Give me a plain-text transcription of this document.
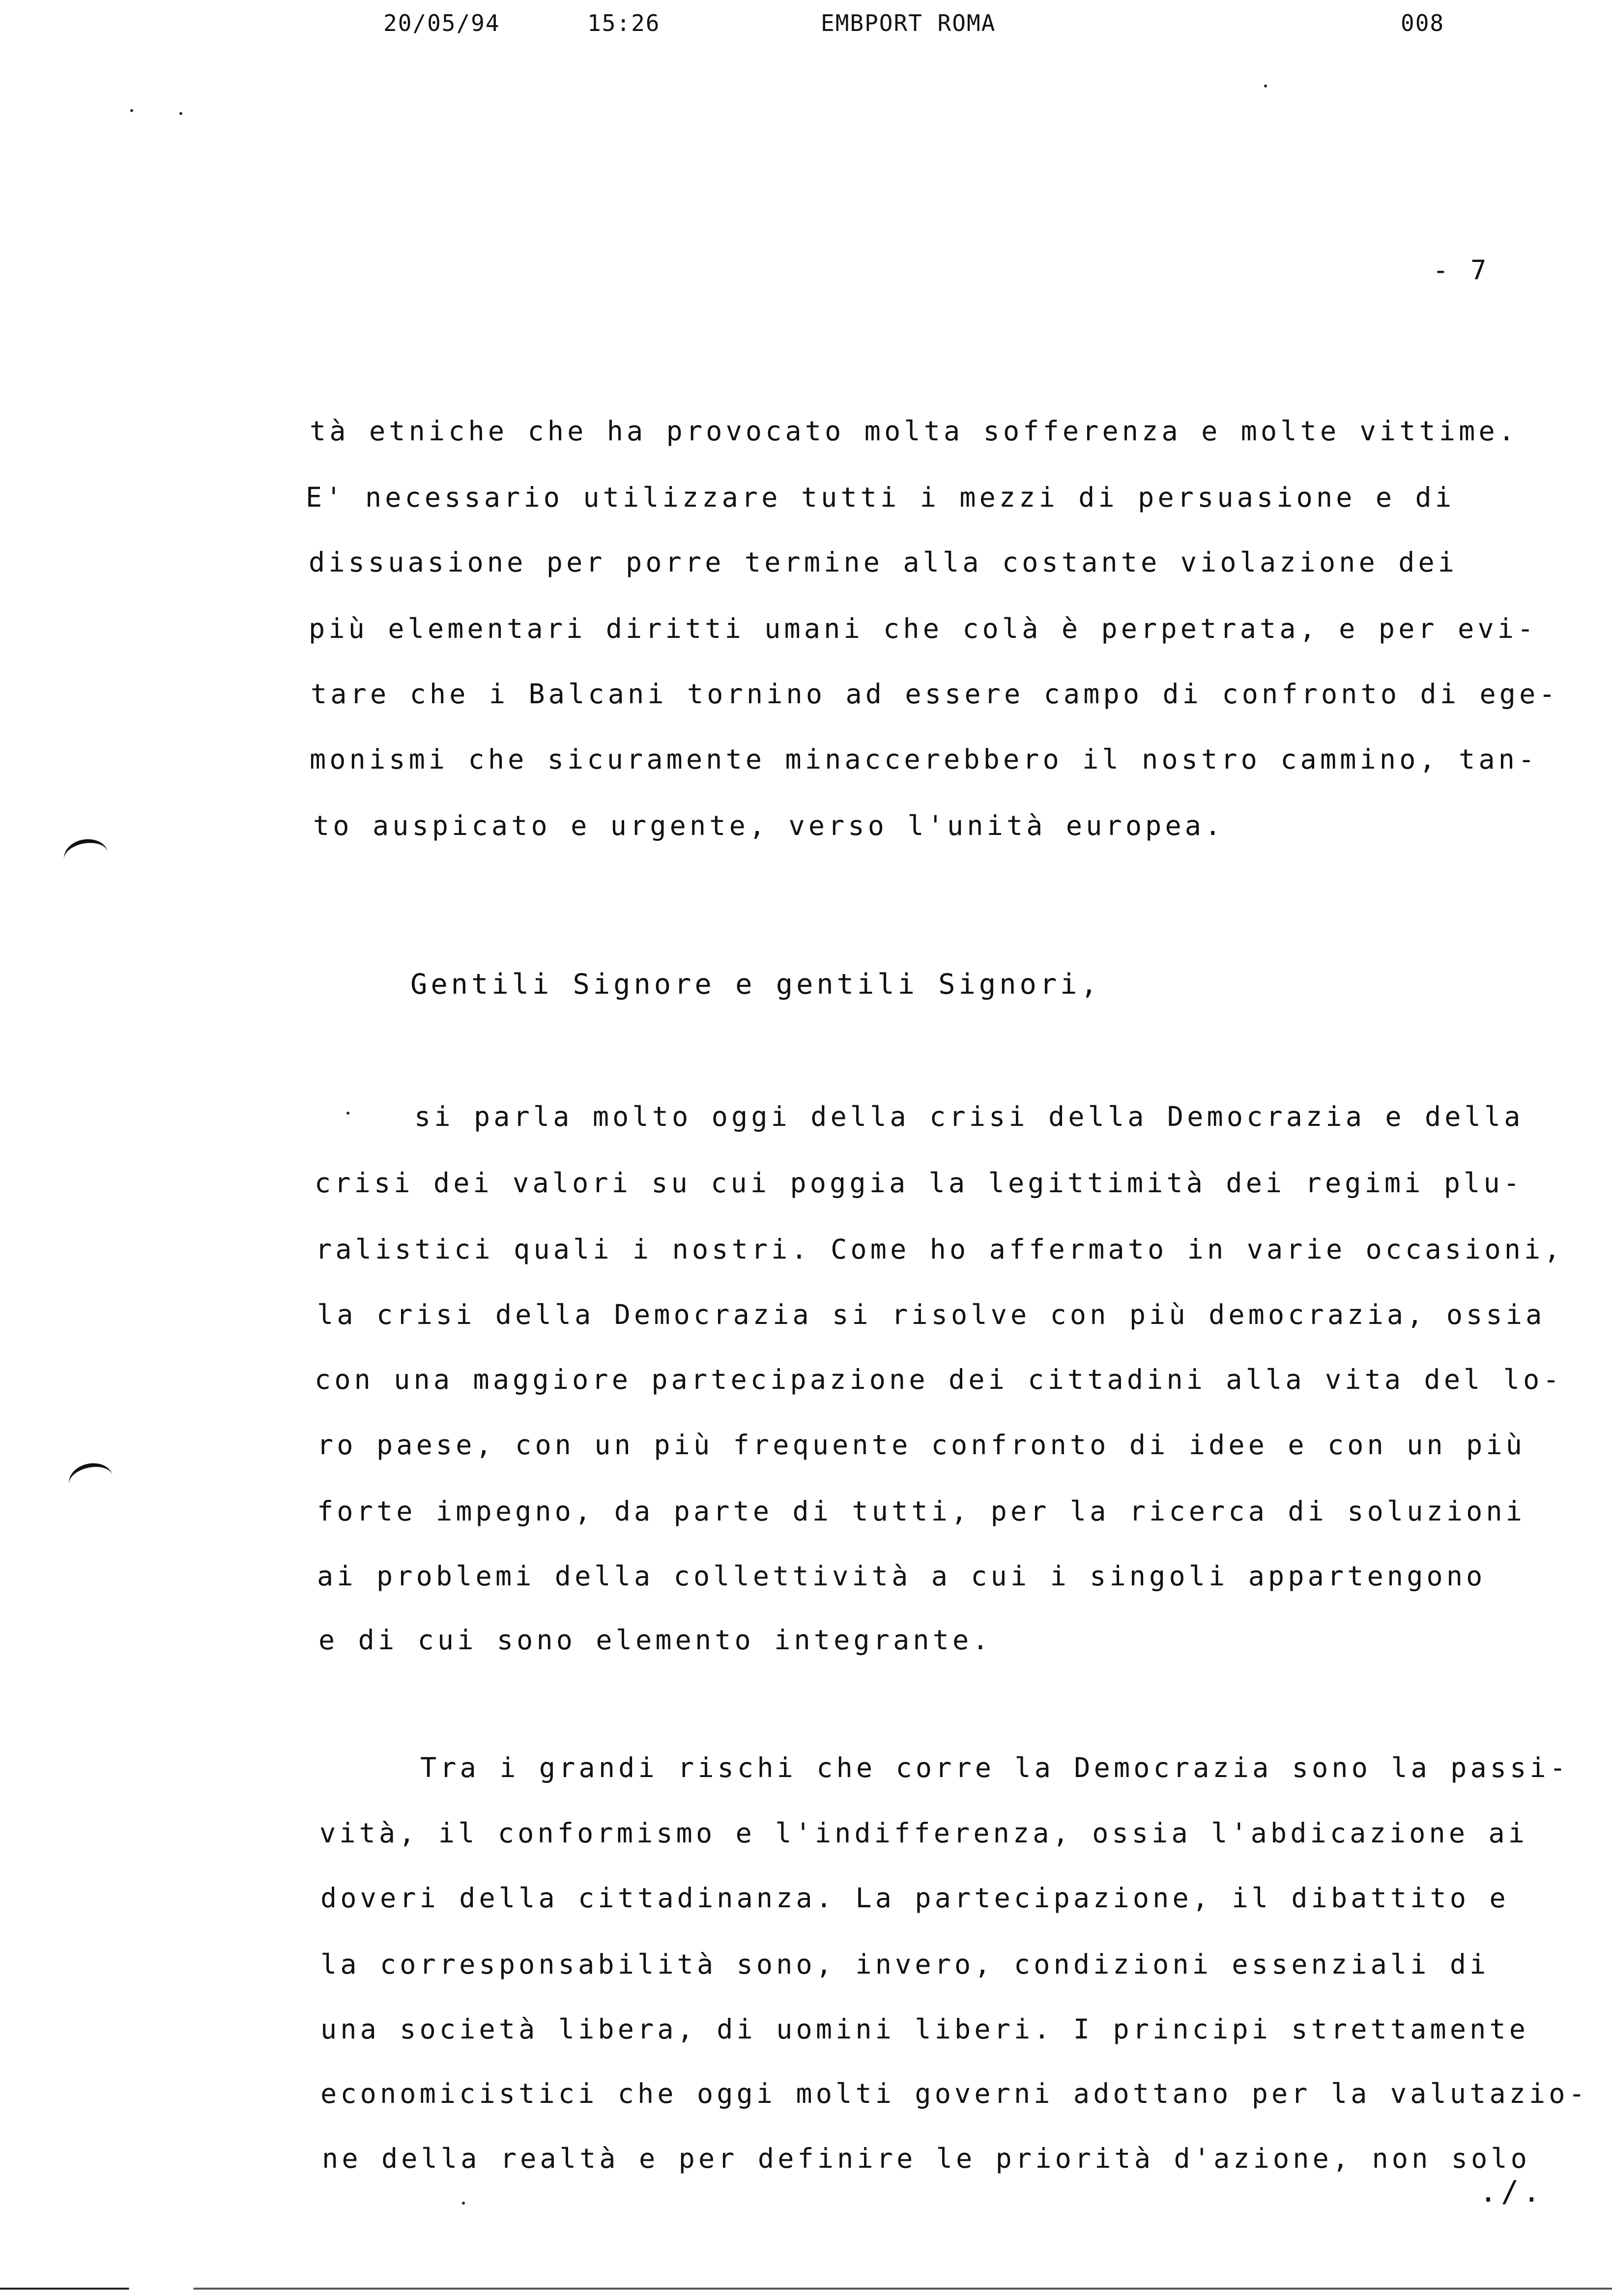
20/05/94	15:26	EMBPORT ROMA	008
- 7
tà etniche che ha provocato molta sofferenza e molte vittime.
E' necessario utilizzare tutti i mezzi di persuasione e di
dissuasione per porre termine alla costante violazione dei
più elementari diritti umani che colà è perpetrata, e per evi-
tare che i Balcani tornino ad essere campo di confronto di ege-
monismi che sicuramente minaccerebbero il nostro cammino, tan-
to auspicato e urgente, verso l'unità europea.
Gentili Signore e gentili Signori,
si parla molto oggi della crisi della Democrazia e della
crisi dei valori su cui poggia la legittimità dei regimi plu-
ralistici quali i nostri. Come ho affermato in varie occasioni,
la crisi della Democrazia si risolve con più democrazia, ossia
con una maggiore partecipazione dei cittadini alla vita del lo-
ro paese, con un più frequente confronto di idee e con un più
forte impegno, da parte di tutti, per la ricerca di soluzioni
ai problemi della collettività a cui i singoli appartengono
e di cui sono elemento integrante.
Tra i grandi rischi che corre la Democrazia sono la passi-
vità, il conformismo e l'indifferenza, ossia l'abdicazione ai
doveri della cittadinanza. La partecipazione, il dibattito e
la corresponsabilità sono, invero, condizioni essenziali di
una società libera, di uomini liberi. I principi strettamente
economicistici che oggi molti governi adottano per la valutazio-
ne della realtà e per definire le priorità d'azione, non solo
./.
